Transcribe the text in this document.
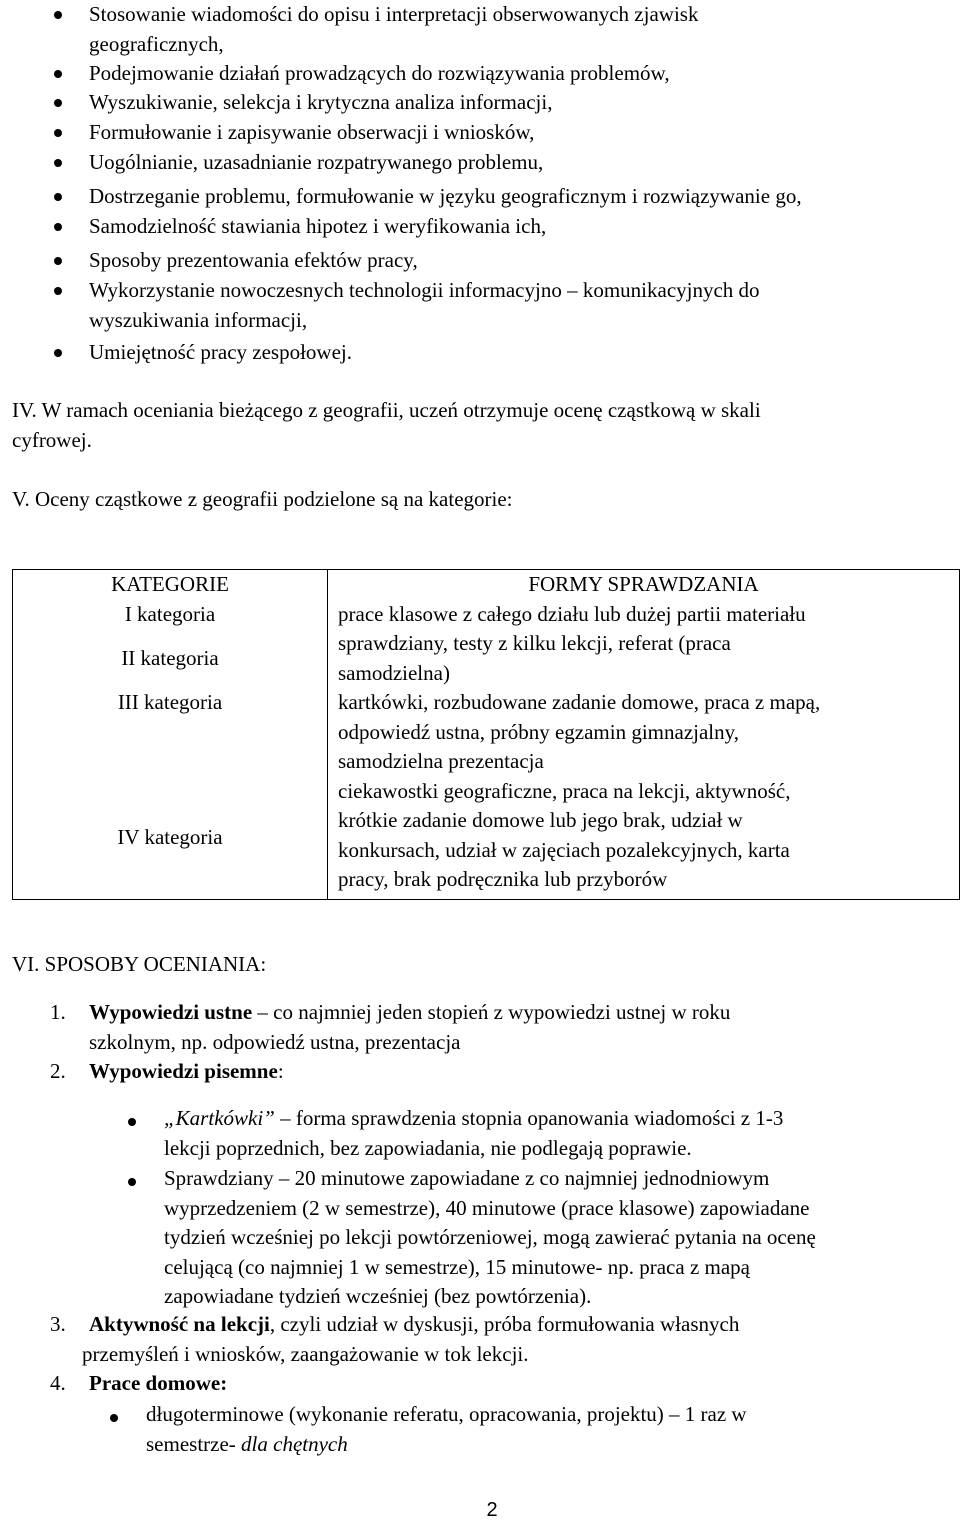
Stosowanie wiadomości do opisu i interpretacji obserwowanych zjawisk
geograficznych,
Podejmowanie działań prowadzących do rozwiązywania problemów,
Wyszukiwanie, selekcja i krytyczna analiza informacji,
Formułowanie i zapisywanie obserwacji i wniosków,
Uogólnianie, uzasadnianie rozpatrywanego problemu,
Dostrzeganie problemu, formułowanie w języku geograficznym i rozwiązywanie go,
Samodzielność stawiania hipotez i weryfikowania ich,
Sposoby prezentowania efektów pracy,
Wykorzystanie nowoczesnych technologii informacyjno – komunikacyjnych do
wyszukiwania informacji,
Umiejętność pracy zespołowej.
IV. W ramach oceniania bieżącego z geografii, uczeń otrzymuje ocenę cząstkową w skali
cyfrowej.
V. Oceny cząstkowe z geografii podzielone są na kategorie:
KATEGORIE	FORMY SPRAWDZANIA
I kategoria	prace klasowe z całego działu lub dużej partii materiału

II kategoria	sprawdziany, testy z kilku lekcji, referat (praca
samodzielna)

III kategoria	kartkówki, rozbudowane zadanie domowe, praca z mapą,
odpowiedź ustna, próbny egzamin gimnazjalny,
samodzielna prezentacja

IV kategoria	ciekawostki geograficzne, praca na lekcji, aktywność,
krótkie zadanie domowe lub jego brak, udział w
konkursach, udział w zajęciach pozalekcyjnych, karta
pracy, brak podręcznika lub przyborów
VI. SPOSOBY OCENIANIA:
1. Wypowiedzi ustne – co najmniej jeden stopień z wypowiedzi ustnej w roku
szkolnym, np. odpowiedź ustna, prezentacja
2. Wypowiedzi pisemne:
„Kartkówki” – forma sprawdzenia stopnia opanowania wiadomości z 1-3
lekcji poprzednich, bez zapowiadania, nie podlegają poprawie.
Sprawdziany – 20 minutowe zapowiadane z co najmniej jednodniowym
wyprzedzeniem (2 w semestrze), 40 minutowe (prace klasowe) zapowiadane
tydzień wcześniej po lekcji powtórzeniowej, mogą zawierać pytania na ocenę
celującą (co najmniej 1 w semestrze), 15 minutowe- np. praca z mapą
zapowiadane tydzień wcześniej (bez powtórzenia).
3. Aktywność na lekcji, czyli udział w dyskusji, próba formułowania własnych
przemyśleń i wniosków, zaangażowanie w tok lekcji.
4. Prace domowe:
długoterminowe (wykonanie referatu, opracowania, projektu) – 1 raz w
semestrze- dla chętnych
2
